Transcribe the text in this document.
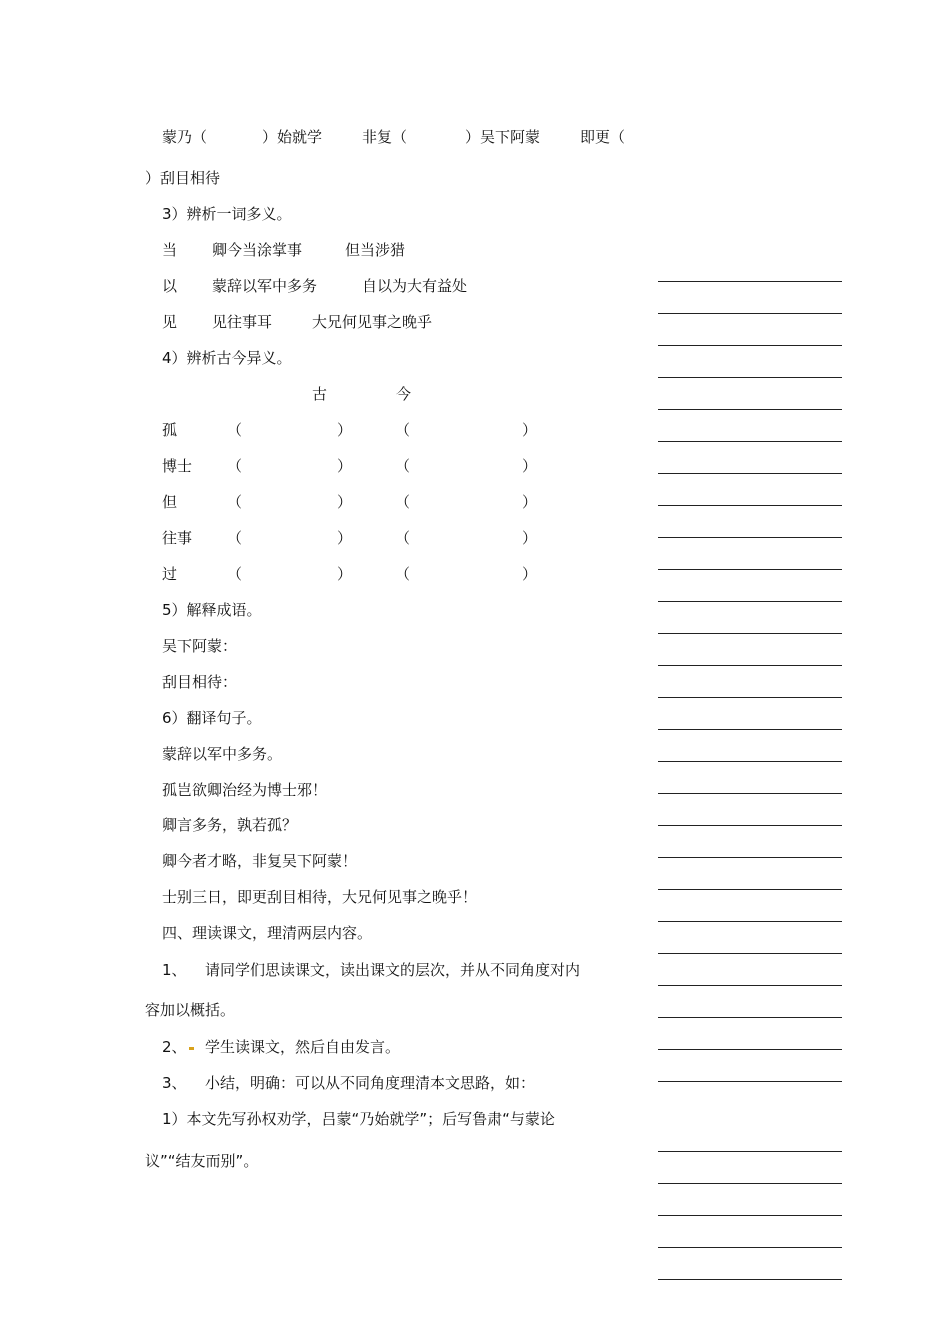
蒙乃（	）始就学	非复（	）吴下阿蒙	即更（
）刮目相待
3）辨析一词多义。
当 卿今当涂掌事	但当涉猎
以 蒙辞以军中多务	自以为大有益处
见 见往事耳	大兄何见事之晚乎
4）辨析古今异义。
古	今
孤	（	）	（	）
博士 （	）	（	）
但	（	）	（	）
往事 （	）	（	）
过	（	）	（	）
5）解释成语。
吴下阿蒙：
刮目相待：
6）翻译句子。
蒙辞以军中多务。
孤岂欲卿治经为博士邪！
卿言多务，孰若孤？
卿今者才略，非复吴下阿蒙！
士别三日，即更刮目相待，大兄何见事之晚乎！
四、理读课文，理清两层内容。
1、 请同学们思读课文，读出课文的层次，并从不同角度对内
容加以概括。
2、	学生读课文，然后自由发言。
3、 小结，明确：可以从不同角度理清本文思路，如：
1）本文先写孙权劝学，吕蒙“乃始就学”；后写鲁肃“与蒙论
议”“结友而别”。
